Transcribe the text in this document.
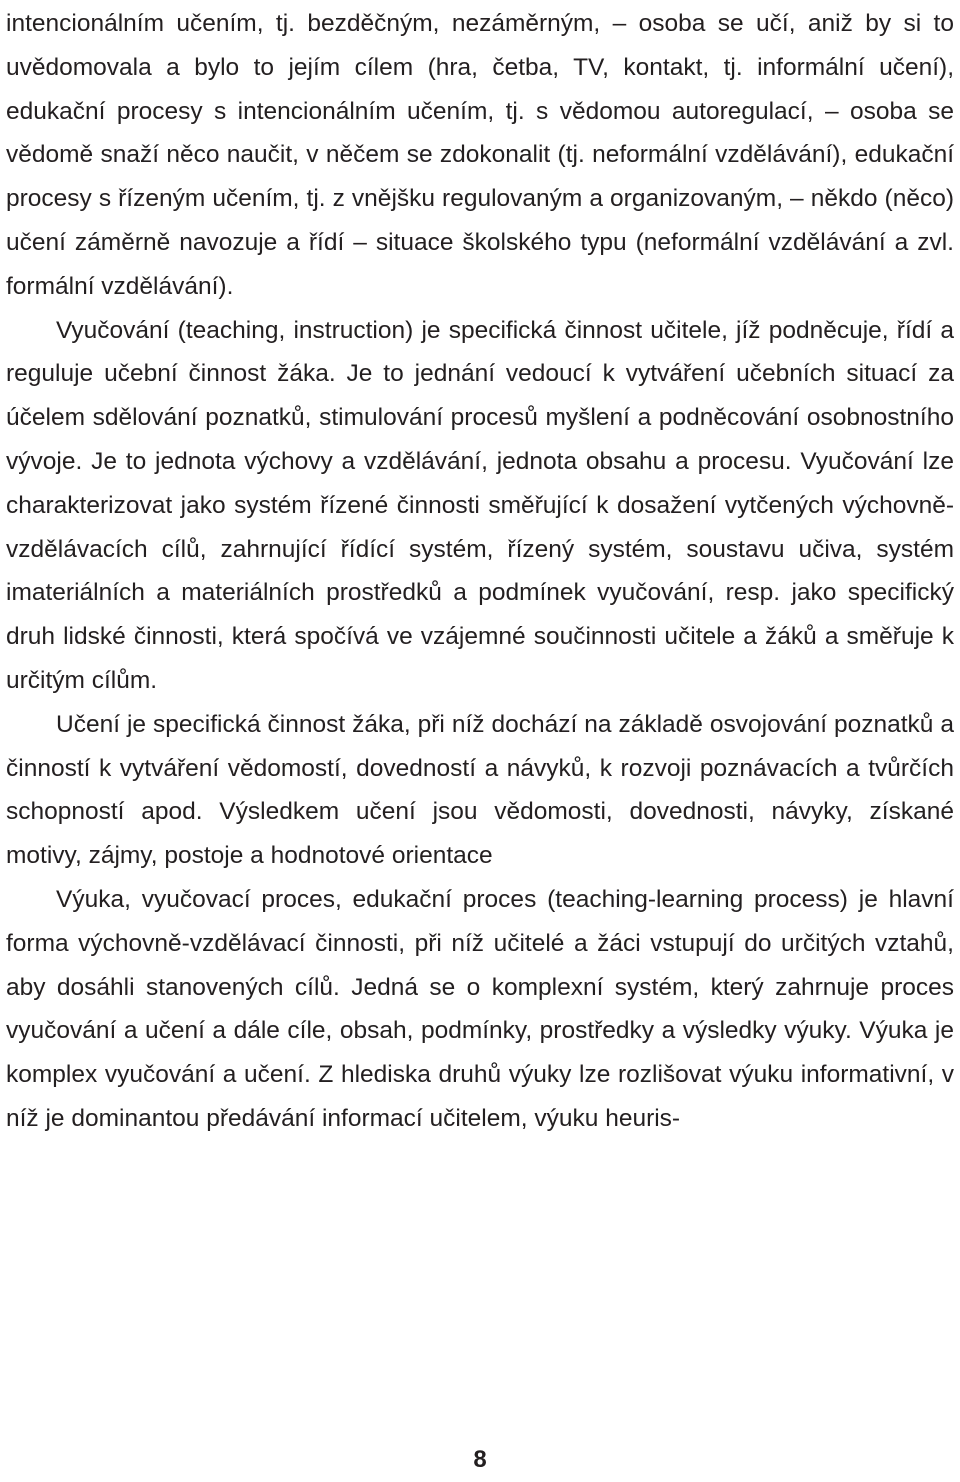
intencionálním učením, tj. bezděčným, nezáměrným, – osoba se učí, aniž by si to uvědomovala a bylo to jejím cílem (hra, četba, TV, kontakt, tj. informální učení), edukační procesy s intencionálním učením, tj. s vědomou autoregulací, – osoba se vědomě snaží něco naučit, v něčem se zdokonalit (tj. neformální vzdělávání), edukační procesy s řízeným učením, tj. z vnějšku regulovaným a organizovaným, – někdo (něco) učení záměrně navozuje a řídí – situace školského typu (neformální vzdělávání a zvl. formální vzdělávání).

Vyučování (teaching, instruction) je specifická činnost učitele, jíž podněcuje, řídí a reguluje učební činnost žáka. Je to jednání vedoucí k vytváření učebních situací za účelem sdělování poznatků, stimulování procesů myšlení a podněcování osobnostního vývoje. Je to jednota výchovy a vzdělávání, jednota obsahu a procesu. Vyučování lze charakterizovat jako systém řízené činnosti směřující k dosažení vytčených výchovně-vzdělávacích cílů, zahrnující řídící systém, řízený systém, soustavu učiva, systém imateriálních a materiálních prostředků a podmínek vyučování, resp. jako specifický druh lidské činnosti, která spočívá ve vzájemné součinnosti učitele a žáků a směřuje k určitým cílům.

Učení je specifická činnost žáka, při níž dochází na základě osvojování poznatků a činností k vytváření vědomostí, dovedností a návyků, k rozvoji poznávacích a tvůrčích schopností apod. Výsledkem učení jsou vědomosti, dovednosti, návyky, získané motivy, zájmy, postoje a hodnotové orientace

Výuka, vyučovací proces, edukační proces (teaching-learning process) je hlavní forma výchovně-vzdělávací činnosti, při níž učitelé a žáci vstupují do určitých vztahů, aby dosáhli stanovených cílů. Jedná se o komplexní systém, který zahrnuje proces vyučování a učení a dále cíle, obsah, podmínky, prostředky a výsledky výuky. Výuka je komplex vyučování a učení. Z hlediska druhů výuky lze rozlišovat výuku informativní, v níž je dominantou předávání informací učitelem, výuku heuris-

8
